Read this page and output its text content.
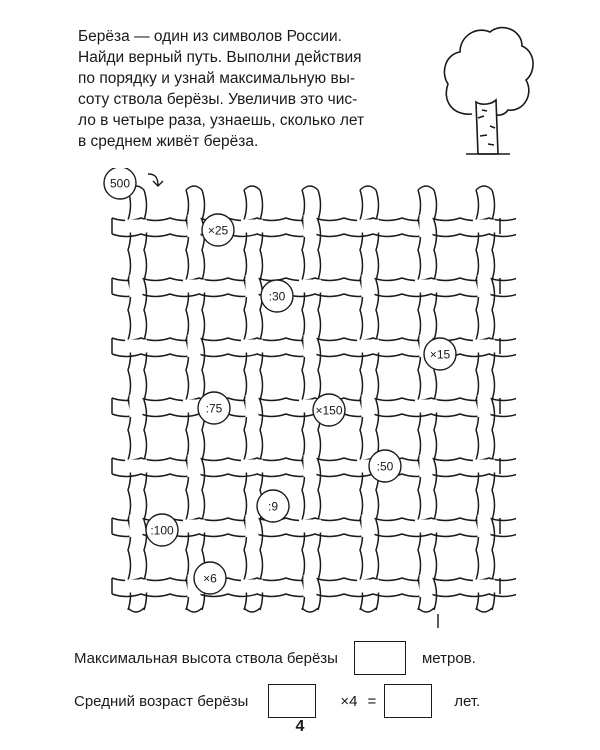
Берёза — один из символов России.
Найди верный путь. Выполни действия
по порядку и узнай максимальную вы-
соту ствола берёзы. Увеличив это чис-
ло в четыре раза, узнаешь, сколько лет
в среднем живёт берёза.

500
×25
:30
×15
:75	×150
:50
:9
:100
×6
Максимальная высота ствола берёзы	метров.
Средний возраст берёзы	×4 =	лет.
4
